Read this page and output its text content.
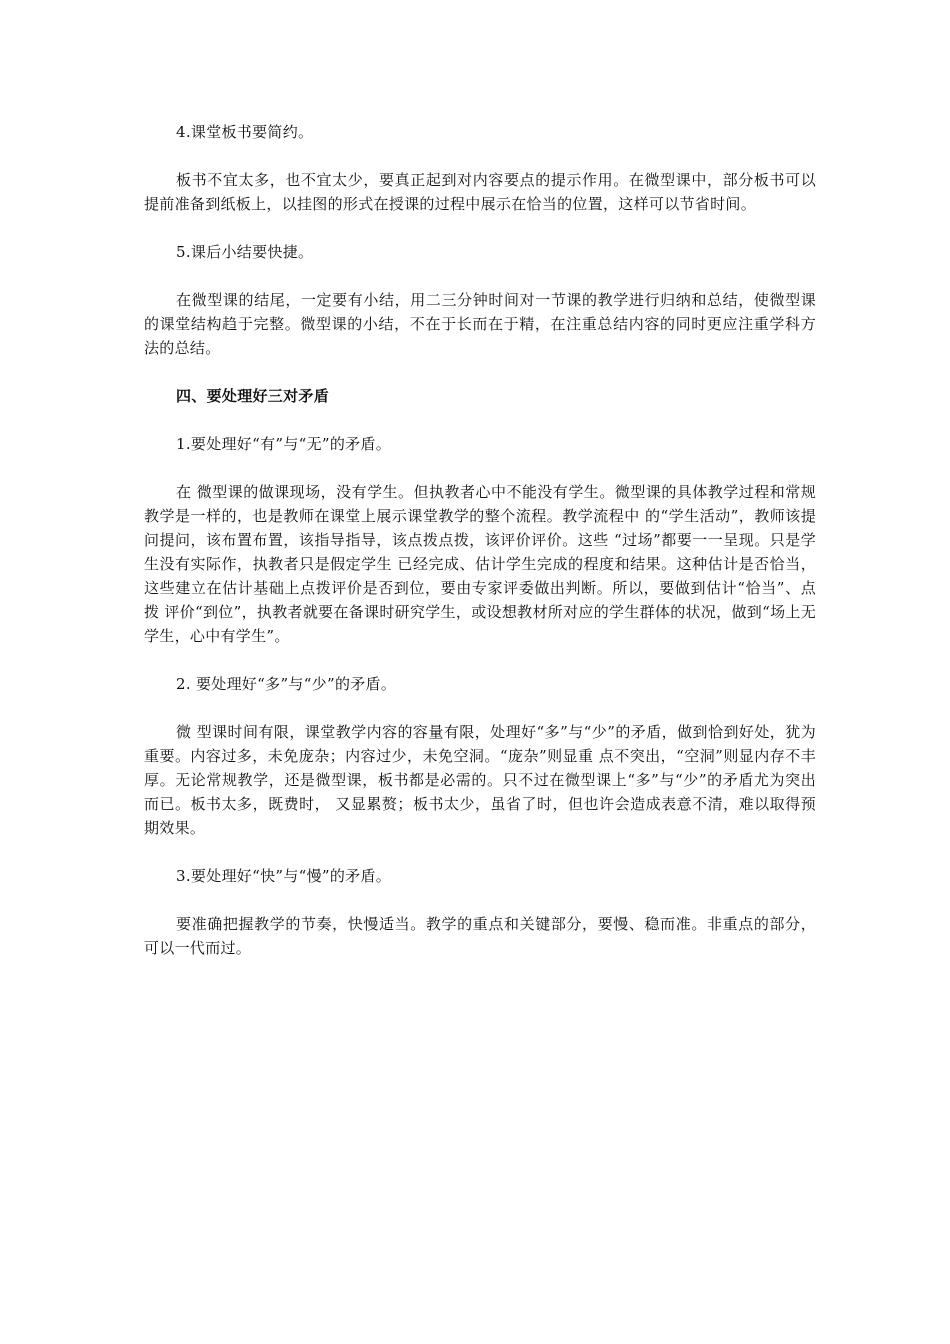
4.课堂板书要简约。

板书不宜太多，也不宜太少，要真正起到对内容要点的提示作用。在微型课中，部分板书可以提前准备到纸板上，以挂图的形式在授课的过程中展示在恰当的位置，这样可以节省时间。

5.课后小结要快捷。

在微型课的结尾，一定要有小结，用二三分钟时间对一节课的教学进行归纳和总结，使微型课的课堂结构趋于完整。微型课的小结，不在于长而在于精，在注重总结内容的同时更应注重学科方法的总结。

四、要处理好三对矛盾

1.要处理好“有”与“无”的矛盾。

在 微型课的做课现场，没有学生。但执教者心中不能没有学生。微型课的具体教学过程和常规教学是一样的，也是教师在课堂上展示课堂教学的整个流程。教学流程中 的“学生活动”，教师该提问提问，该布置布置，该指导指导，该点拨点拨，该评价评价。这些 “过场”都要一一呈现。只是学生没有实际作，执教者只是假定学生 已经完成、估计学生完成的程度和结果。这种估计是否恰当，这些建立在估计基础上点拨评价是否到位，要由专家评委做出判断。所以，要做到估计“恰当”、点拨 评价“到位”，执教者就要在备课时研究学生，或设想教材所对应的学生群体的状况，做到“场上无学生，心中有学生”。

2. 要处理好“多”与“少”的矛盾。

微 型课时间有限，课堂教学内容的容量有限，处理好“多”与“少”的矛盾，做到恰到好处，犹为重要。内容过多，未免庞杂；内容过少，未免空洞。“庞杂”则显重 点不突出，“空洞”则显内存不丰厚。无论常规教学，还是微型课，板书都是必需的。只不过在微型课上“多”与“少”的矛盾尤为突出而已。板书太多，既费时， 又显累赘；板书太少，虽省了时，但也许会造成表意不清，难以取得预期效果。

3.要处理好“快”与“慢”的矛盾。

要准确把握教学的节奏，快慢适当。教学的重点和关键部分，要慢、稳而准。非重点的部分，可以一代而过。
